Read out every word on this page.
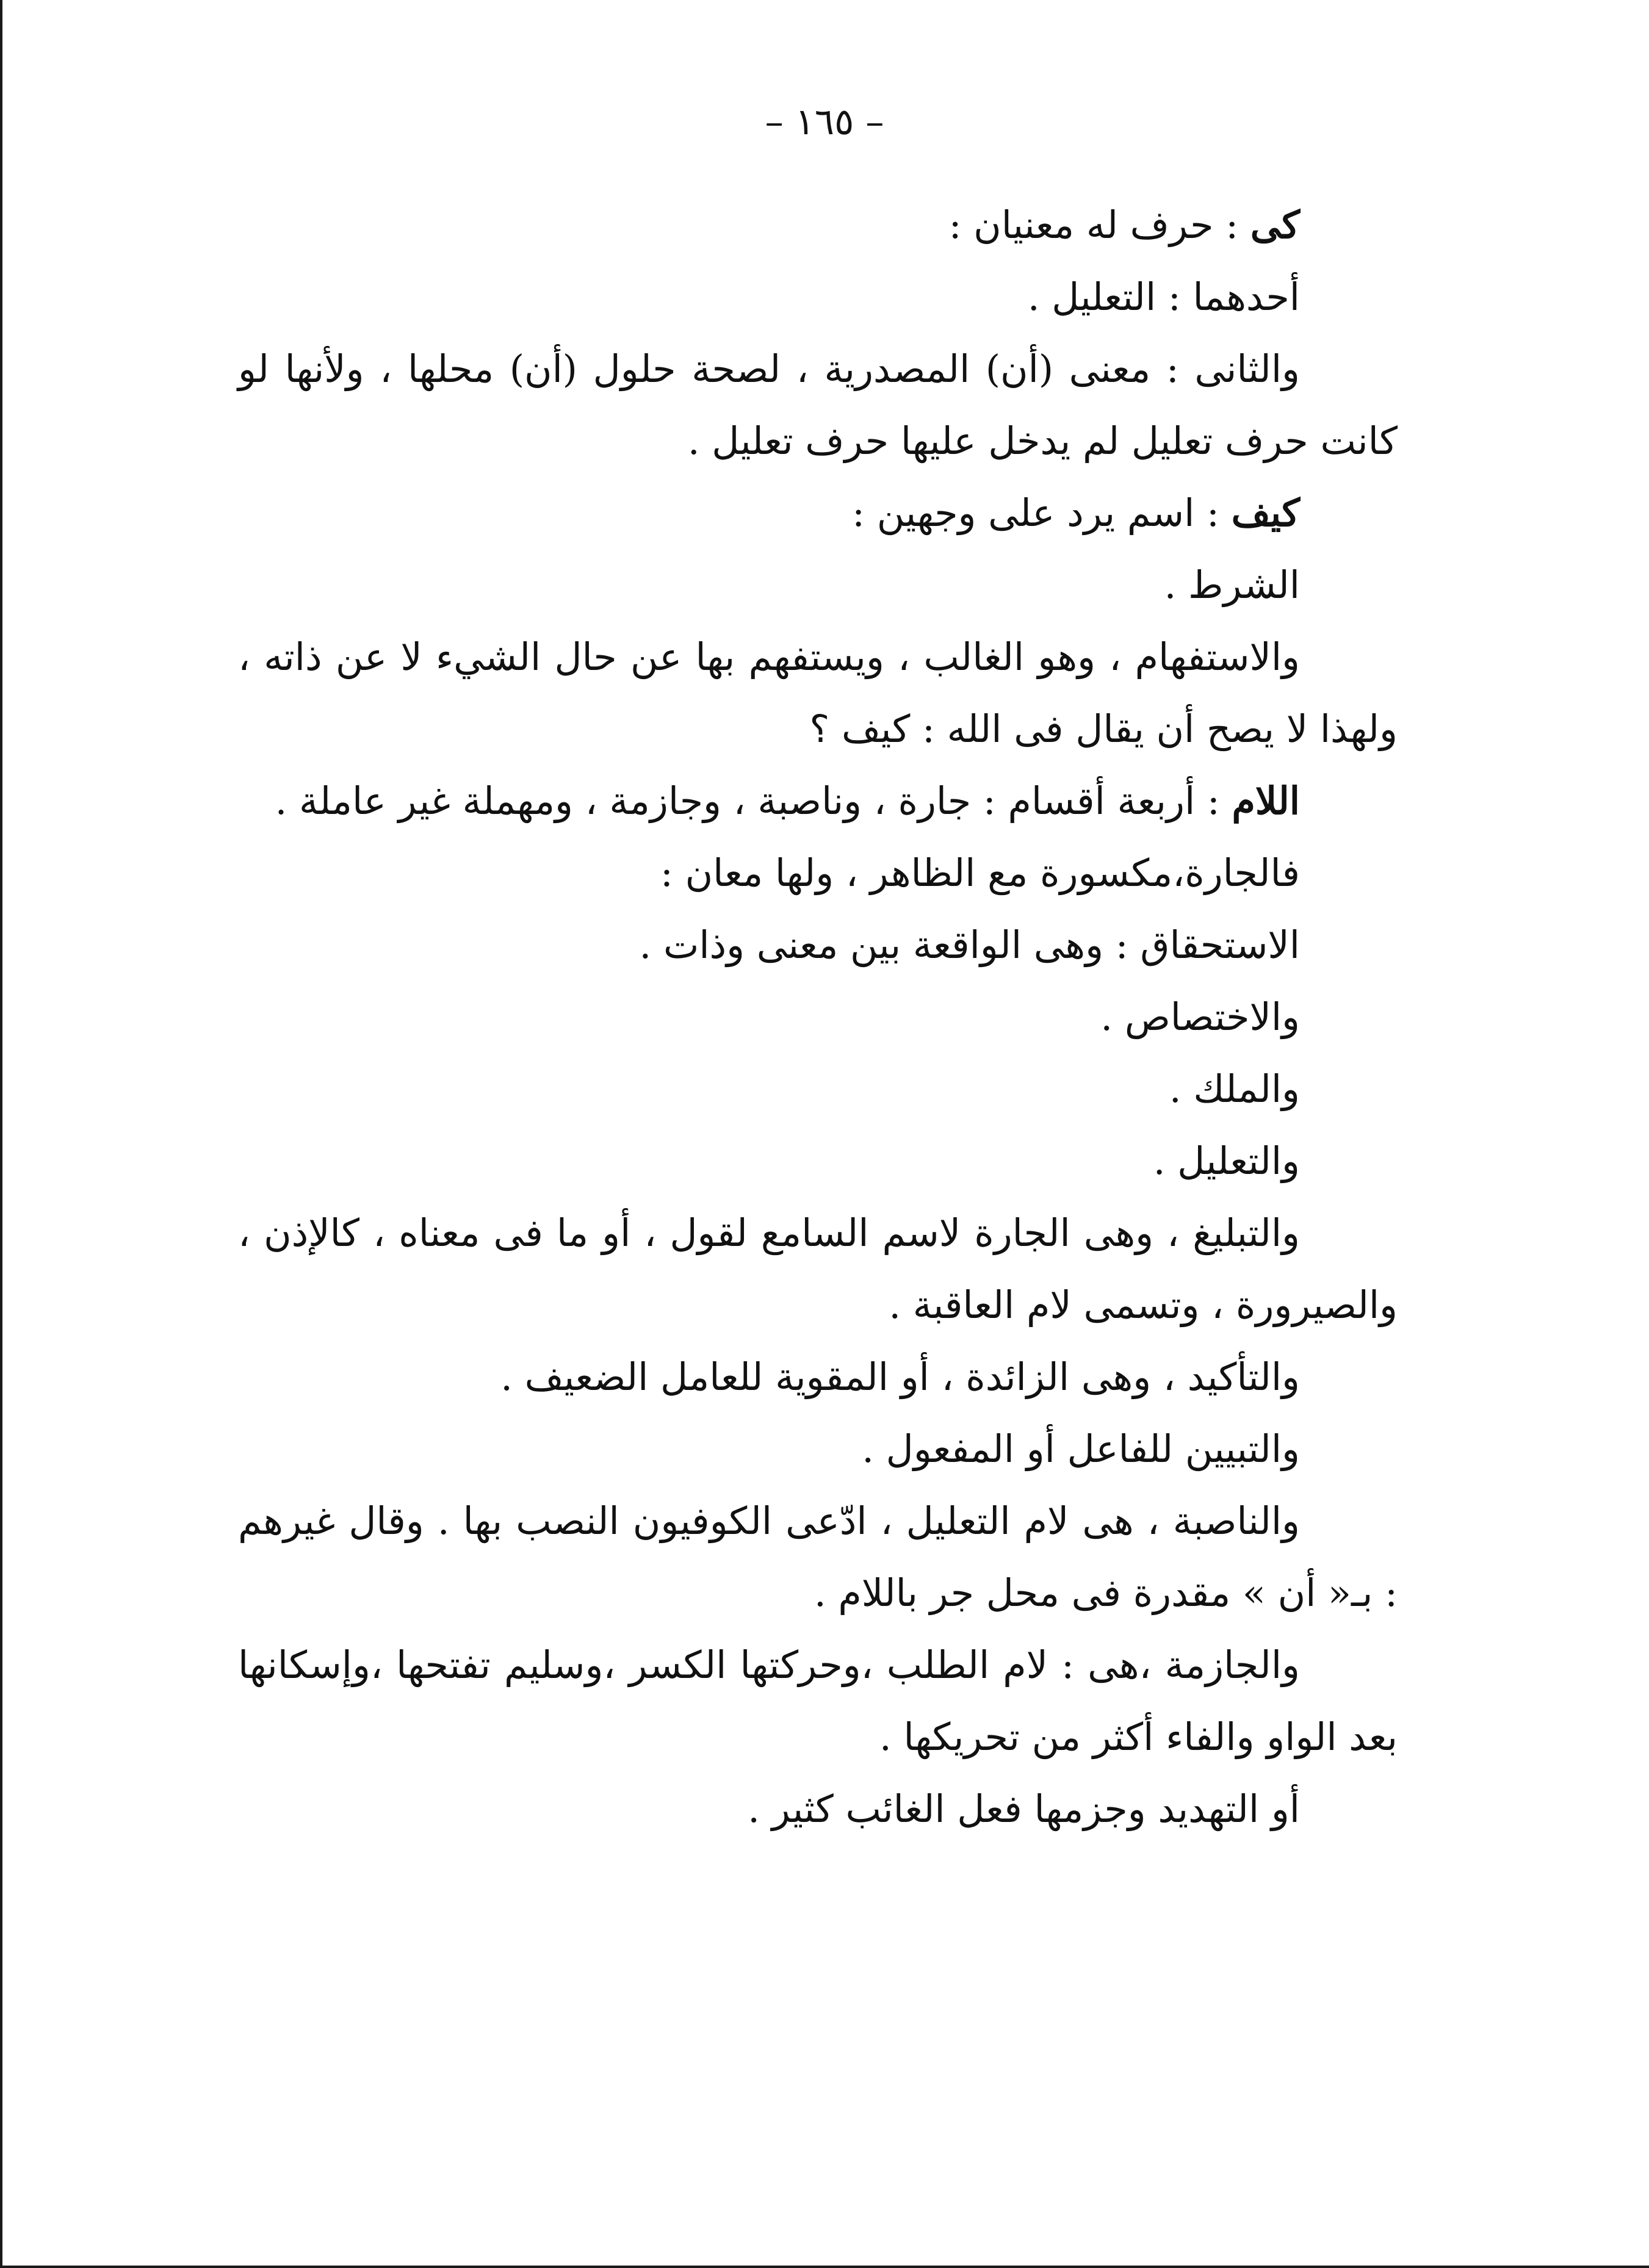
– ١٦٥ –

كى : حرف له معنيان :

أحدهما : التعليل .

والثانى : معنى (أن) المصدرية ، لصحة حلول (أن) محلها ، ولأنها لو كانت حرف تعليل لم يدخل عليها حرف تعليل .

كيف : اسم يرد على وجهين :

الشرط .

والاستفهام ، وهو الغالب ، ويستفهم بها عن حال الشيء لا عن ذاته ، ولهذا لا يصح أن يقال فى الله : كيف ؟

اللام : أربعة أقسام : جارة ، وناصبة ، وجازمة ، ومهملة غير عاملة .

فالجارة،مكسورة مع الظاهر ، ولها معان :

الاستحقاق : وهى الواقعة بين معنى وذات .

والاختصاص .

والملك .

والتعليل .

والتبليغ ، وهى الجارة لاسم السامع لقول ، أو ما فى معناه ، كالإذن ، والصيرورة ، وتسمى لام العاقبة .

والتأكيد ، وهى الزائدة ، أو المقوية للعامل الضعيف .

والتبيين للفاعل أو المفعول .

والناصبة ، هى لام التعليل ، ادّعى الكوفيون النصب بها . وقال غيرهم : بـ« أن » مقدرة فى محل جر باللام .

والجازمة ،هى : لام الطلب ،وحركتها الكسر ،وسليم تفتحها ،وإسكانها بعد الواو والفاء أكثر من تحريكها .

أو التهديد وجزمها فعل الغائب كثير .
